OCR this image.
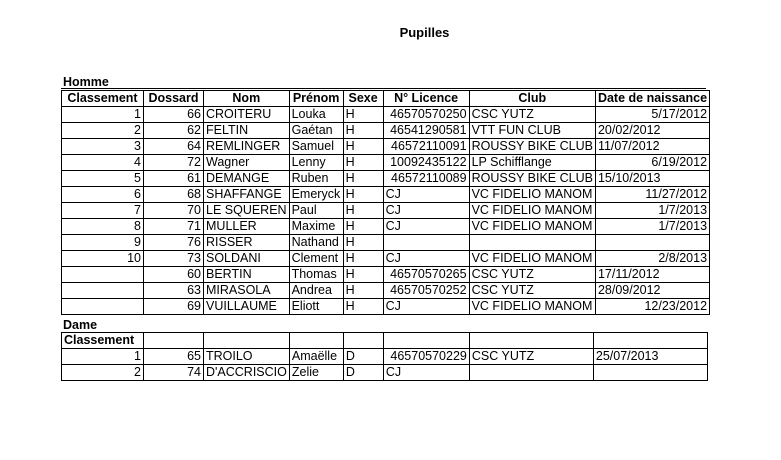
Pupilles
Homme
Classement	Dossard	Nom	Prénom	Sexe	N° Licence	Club	Date de naissance
1	66	CROITERU	Louka	H	46570570250	CSC YUTZ	5/17/2012
2	62	FELTIN	Gaétan	H	46541290581	VTT FUN CLUB	20/02/2012
3	64	REMLINGER	Samuel	H	46572110091	ROUSSY BIKE CLUB	11/07/2012
4	72	Wagner	Lenny	H	10092435122	LP Schifflange	6/19/2012
5	61	DEMANGE	Ruben	H	46572110089	ROUSSY BIKE CLUB	15/10/2013
6	68	SHAFFANGE	Emeryck	H	CJ	VC FIDELIO MANOM	11/27/2012
7	70	LE SQUEREN	Paul	H	CJ	VC FIDELIO MANOM	1/7/2013
8	71	MULLER	Maxime	H	CJ	VC FIDELIO MANOM	1/7/2013
9	76	RISSER	Nathand	H			
10	73	SOLDANI	Clement	H	CJ	VC FIDELIO MANOM	2/8/2013
	60	BERTIN	Thomas	H	46570570265	CSC YUTZ	17/11/2012
	63	MIRASOLA	Andrea	H	46570570252	CSC YUTZ	28/09/2012
	69	VUILLAUME	Eliott	H	CJ	VC FIDELIO MANOM	12/23/2012
Dame
Classement							
1	65	TROILO	Amaëlle	D	46570570229	CSC YUTZ	25/07/2013
2	74	D'ACCRISCIO	Zelie	D	CJ		
